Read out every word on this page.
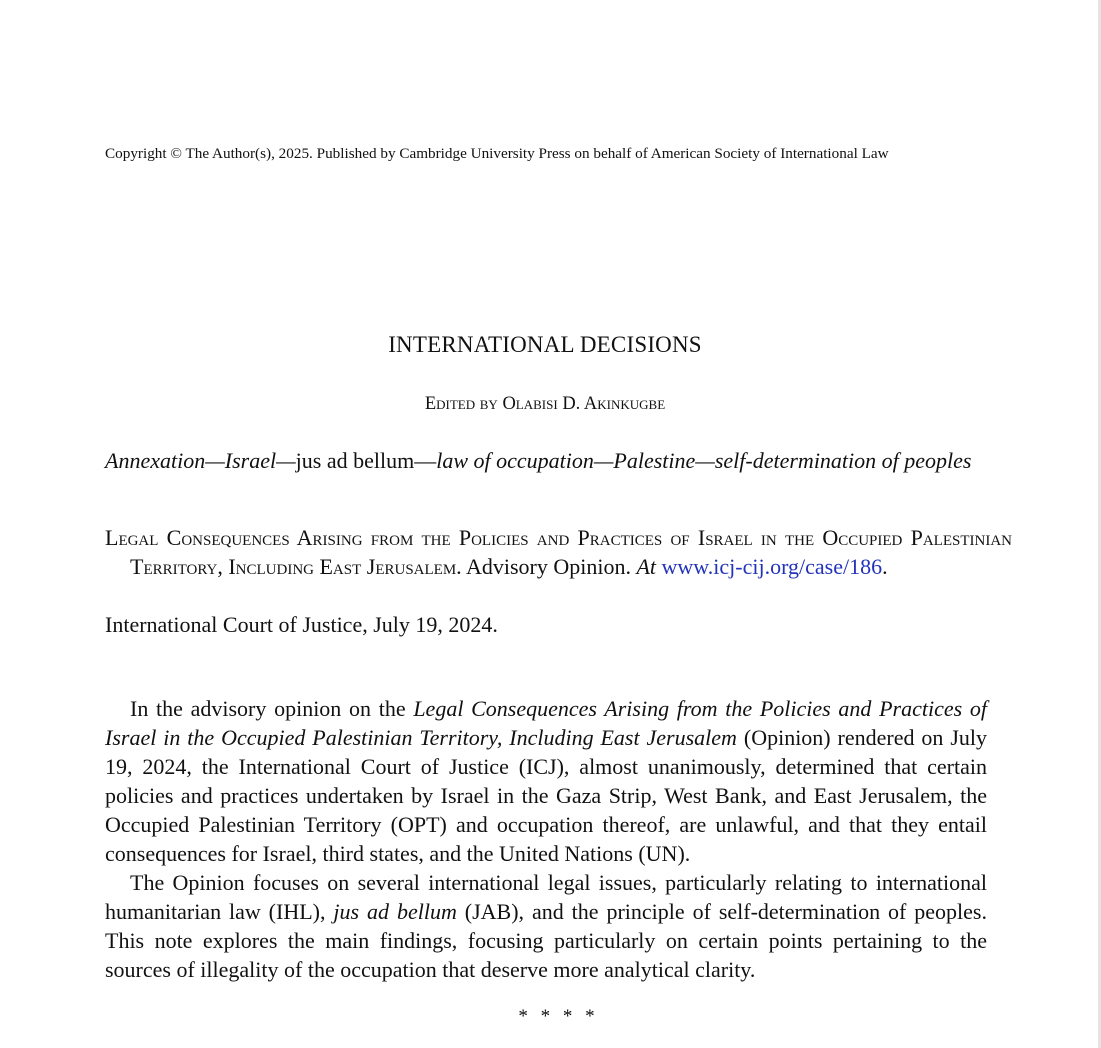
Copyright © The Author(s), 2025. Published by Cambridge University Press on behalf of American Society of International Law
INTERNATIONAL DECISIONS
Edited by Olabisi D. Akinkugbe
Annexation—Israel—jus ad bellum—law of occupation—Palestine—self-determination of peoples
Legal Consequences Arising from the Policies and Practices of Israel in the Occupied Palestinian Territory, Including East Jerusalem. Advisory Opinion. At www.icj-cij.org/case/186.
International Court of Justice, July 19, 2024.

In the advisory opinion on the Legal Consequences Arising from the Policies and Practices of Israel in the Occupied Palestinian Territory, Including East Jerusalem (Opinion) rendered on July 19, 2024, the International Court of Justice (ICJ), almost unanimously, determined that certain policies and practices undertaken by Israel in the Gaza Strip, West Bank, and East Jerusalem, the Occupied Palestinian Territory (OPT) and occupation thereof, are unlawful, and that they entail consequences for Israel, third states, and the United Nations (UN).

The Opinion focuses on several international legal issues, particularly relating to international humanitarian law (IHL), jus ad bellum (JAB), and the principle of self-determination of peoples. This note explores the main findings, focusing particularly on certain points pertaining to the sources of illegality of the occupation that deserve more analytical clarity.

* * * *
